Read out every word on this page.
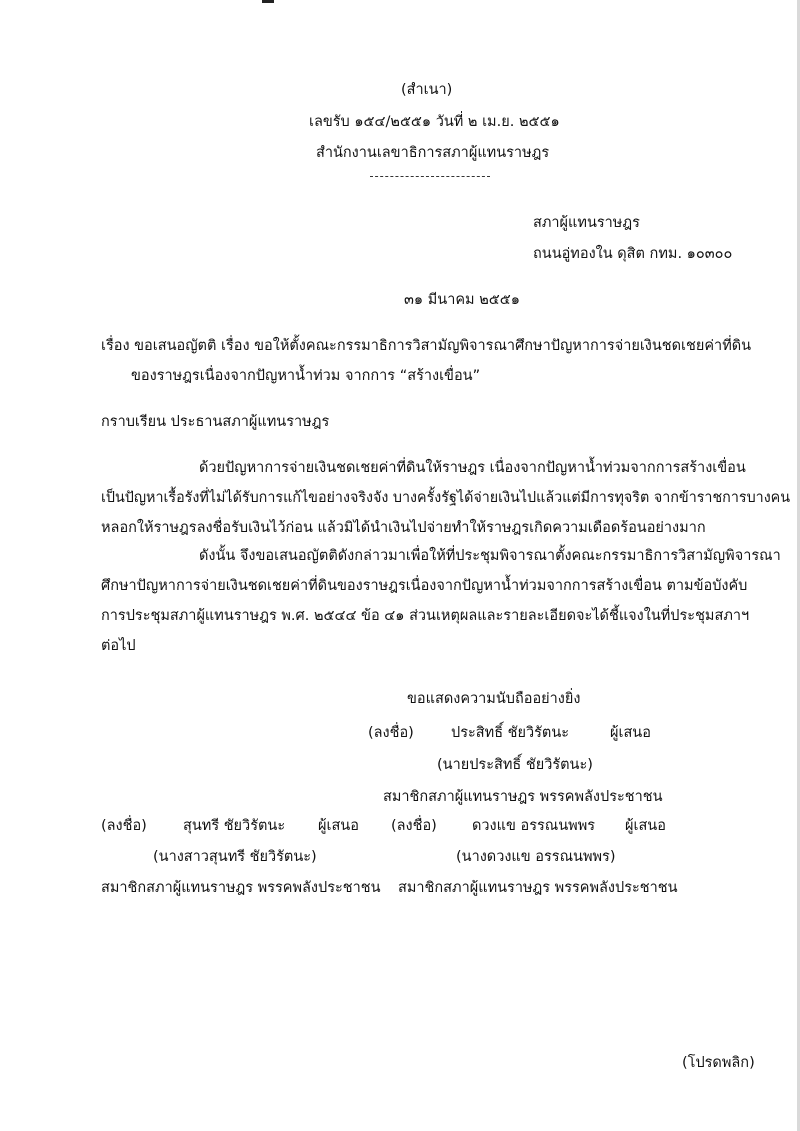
(สำเนา)
เลขรับ ๑๕๔/๒๕๕๑ วันที่ ๒ เม.ย. ๒๕๕๑
สำนักงานเลขาธิการสภาผู้แทนราษฎร
สภาผู้แทนราษฎร
ถนนอู่ทองใน ดุสิต กทม. ๑๐๓๐๐
๓๑ มีนาคม ๒๕๕๑
เรื่อง ขอเสนอญัตติ เรื่อง ขอให้ตั้งคณะกรรมาธิการวิสามัญพิจารณาศึกษาปัญหาการจ่ายเงินชดเชยค่าที่ดิน
ของราษฎรเนื่องจากปัญหาน้ำท่วม จากการ “สร้างเขื่อน”
กราบเรียน ประธานสภาผู้แทนราษฎร
ด้วยปัญหาการจ่ายเงินชดเชยค่าที่ดินให้ราษฎร เนื่องจากปัญหาน้ำท่วมจากการสร้างเขื่อน
เป็นปัญหาเรื้อรังที่ไม่ได้รับการแก้ไขอย่างจริงจัง บางครั้งรัฐได้จ่ายเงินไปแล้วแต่มีการทุจริต จากข้าราชการบางคน
หลอกให้ราษฎรลงชื่อรับเงินไว้ก่อน แล้วมิได้นำเงินไปจ่ายทำให้ราษฎรเกิดความเดือดร้อนอย่างมาก
ดังนั้น จึงขอเสนอญัตติดังกล่าวมาเพื่อให้ที่ประชุมพิจารณาตั้งคณะกรรมาธิการวิสามัญพิจารณา
ศึกษาปัญหาการจ่ายเงินชดเชยค่าที่ดินของราษฎรเนื่องจากปัญหาน้ำท่วมจากการสร้างเขื่อน ตามข้อบังคับ
การประชุมสภาผู้แทนราษฎร พ.ศ. ๒๕๔๔ ข้อ ๔๑ ส่วนเหตุผลและรายละเอียดจะได้ชี้แจงในที่ประชุมสภาฯ
ต่อไป
ขอแสดงความนับถืออย่างยิ่ง
(ลงชื่อ)	ประสิทธิ์ ชัยวิรัตนะ	ผู้เสนอ
(นายประสิทธิ์ ชัยวิรัตนะ)
สมาชิกสภาผู้แทนราษฎร พรรคพลังประชาชน
(ลงชื่อ) สุนทรี ชัยวิรัตนะ ผู้เสนอ
(นางสาวสุนทรี ชัยวิรัตนะ)
สมาชิกสภาผู้แทนราษฎร พรรคพลังประชาชน
(ลงชื่อ) ดวงแข อรรณนพพร ผู้เสนอ
(นางดวงแข อรรณนพพร)
สมาชิกสภาผู้แทนราษฎร พรรคพลังประชาชน
(โปรดพลิก)
